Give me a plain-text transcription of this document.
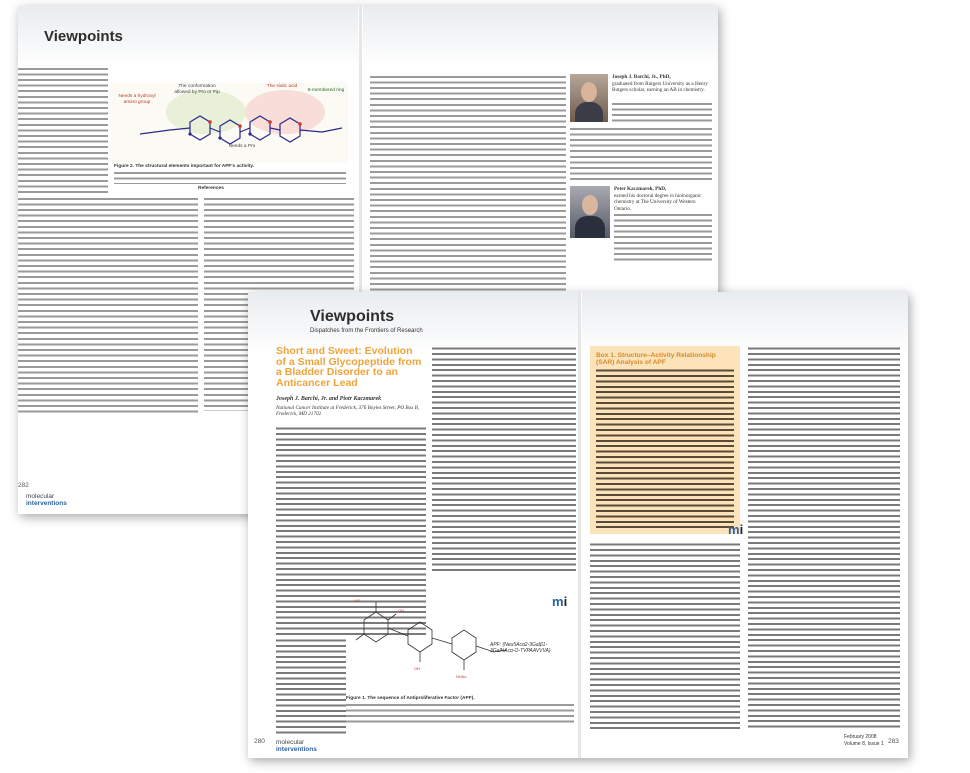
Viewpoints
The conformation allowed by Pro or Pip
Needs a hydroxyl amino group
The sialic acid
Needs a Pro
6-membered ring
Figure 2. The structural elements important for APF's activity.
References
Joseph J. Barchi, Jr., PhD,
graduated from Rutgers University as a Henry Rutgers scholar, earning an AB in chemistry.
Peter Kaczmarek, PhD,
earned his doctoral degree in bioinorganic chemistry at The University of Western Ontario.
molecular
interventions
282
Viewpoints
Dispatches from the Frontiers of Research
Short and Sweet: Evolution of a Small Glycopeptide from a Bladder Disorder to an Anticancer Lead
Joseph J. Barchi, Jr. and Piotr Kaczmarek
National Cancer Institute at Frederick, 376 Boyles Street, PO Box B, Frederick, MD 21702
HO
OH
OH
NHAc
APF: (Neu5Acα2-3Galβ1-3GalNAcα-O-TVPAAVVVA)
mi
Figure 1. The sequence of Antiproliferative Factor (APF).
Box 1. Structure–Activity Relationship (SAR) Analysis of APF
mi
molecular
interventions
280
February 2008
Volume 8, Issue 1 283
